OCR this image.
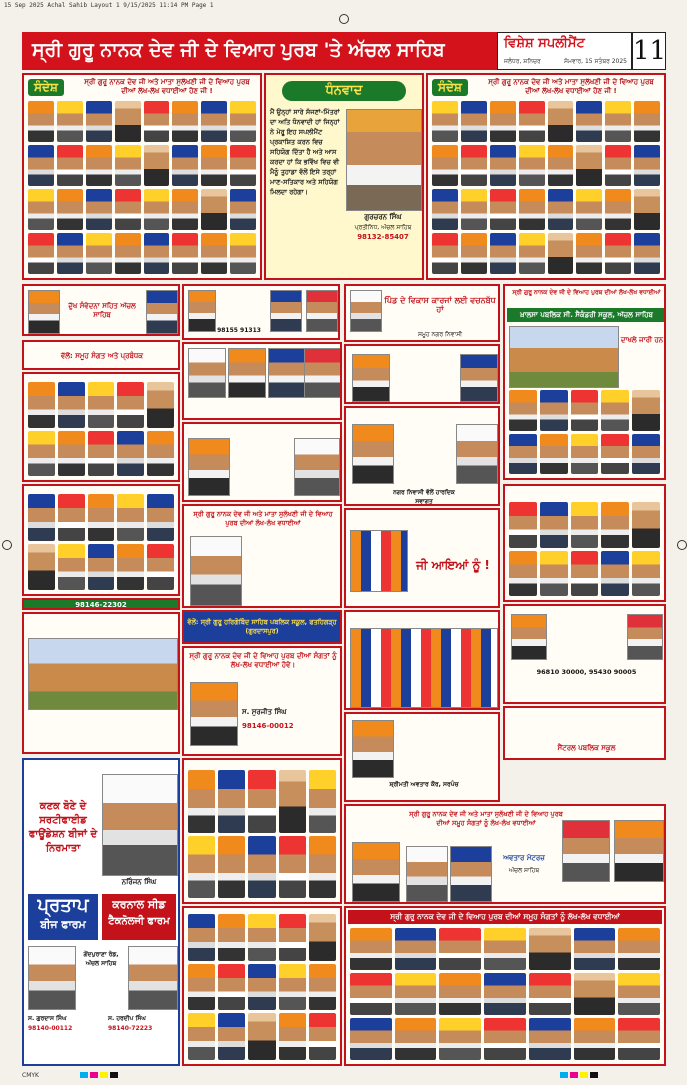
15 Sep 2025 Achal Sahib Layout 1 9/15/2025 11:14 PM Page 1
ਸ੍ਰੀ ਗੁਰੂ ਨਾਨਕ ਦੇਵ ਜੀ ਦੇ ਵਿਆਹ ਪੁਰਬ 'ਤੇ ਅੱਚਲ ਸਾਹਿਬ	ਵਿਸ਼ੇਸ਼ ਸਪਲੀਮੈਂਟ
ਜਲੰਧਰ, ਸ਼ਨਿਚਰ	ਸੋਮਵਾਰ, 15 ਸਤੰਬਰ 2025 11
ਸੰਦੇਸ਼	ਸ੍ਰੀ ਗੁਰੂ ਨਾਨਕ ਦੇਵ ਜੀ ਅਤੇ ਮਾਤਾ ਸੁਲੱਖਣੀ ਜੀ ਦੇ ਵਿਆਹ ਪੁਰਬ ਦੀਆਂ ਲੱਖ-ਲੱਖ ਵਧਾਈਆਂ ਹੋਣ ਜੀ !	ਧੰਨਵਾਦ
ਮੈਂ ਉਨ੍ਹਾਂ ਸਾਰੇ ਸੱਜਣਾਂ-ਮਿੱਤਰਾਂ ਦਾ ਅਤਿ ਧੰਨਵਾਦੀ ਹਾਂ ਜਿਨ੍ਹਾਂ ਨੇ ਮੇਰੂ ਇਹ ਸਪਲੀਮੈਂਟ ਪ੍ਰਕਾਸ਼ਿਤ ਕਰਨ ਵਿਚ ਸਹਿਯੋਗ ਦਿੱਤਾ ਹੈ ਅਤੇ ਆਸ ਕਰਦਾ ਹਾਂ ਕਿ ਭਵਿੱਖ ਵਿਚ ਵੀ ਮੈਨੂੰ ਤੁਹਾਡਾ ਵੱਲੋਂ ਇਸੇ ਤਰ੍ਹਾਂ ਮਾਣ-ਸਤਿਕਾਰ ਅਤੇ ਸਹਿਯੋਗ ਮਿਲਦਾ ਰਹੇਗਾ।
ਗੁਰਚਰਨ ਸਿੰਘ
ਪ੍ਰਤੀਨਿਧ, ਅੱਚਲ ਸਾਹਿਬ
98132-85407
ਸੰਦੇਸ਼	ਸ੍ਰੀ ਗੁਰੂ ਨਾਨਕ ਦੇਵ ਜੀ ਅਤੇ ਮਾਤਾ ਸੁਲੱਖਣੀ ਜੀ ਦੇ ਵਿਆਹ ਪੁਰਬ ਦੀਆਂ ਲੱਖ-ਲੱਖ ਵਧਾਈਆਂ ਹੋਣ ਜੀ !
ਦੁੱਖ ਸੰਵੇਦਨਾ ਸਹਿਤ ਅੱਚਲ ਸਾਹਿਬ
98155 91313
ਪਿੰਡ ਦੇ ਵਿਕਾਸ ਕਾਰਜਾਂ ਲਈ ਵਚਨਬੱਧ ਹਾਂ
ਸਮੂਹ ਨਗਰ ਨਿਵਾਸੀ
ਸ੍ਰੀ ਗੁਰੂ ਨਾਨਕ ਦੇਵ ਜੀ ਦੇ ਵਿਆਹ ਪੁਰਬ ਦੀਆਂ ਲੱਖ-ਲੱਖ ਵਧਾਈਆਂ
ਖ਼ਾਲਸਾ ਪਬਲਿਕ ਸੀ. ਸੈਕੰਡਰੀ ਸਕੂਲ, ਅੱਚਲ ਸਾਹਿਬ
ਦਾਖਲੇ ਜਾਰੀ ਹਨ
ਵੱਲੋਂ: ਸਮੂਹ ਸੰਗਤ ਅਤੇ ਪ੍ਰਬੰਧਕ
98146-22302
ਸ੍ਰੀ ਗੁਰੂ ਨਾਨਕ ਦੇਵ ਜੀ ਅਤੇ ਮਾਤਾ ਸੁਲੱਖਣੀ ਜੀ ਦੇ ਵਿਆਹ ਪੁਰਬ ਦੀਆਂ ਲੱਖ-ਲੱਖ ਵਧਾਈਆਂ
ਨਗਰ ਨਿਵਾਸੀ ਵੱਲੋਂ ਹਾਰਦਿਕ ਸਵਾਗਤ
ਜੀ ਆਇਆਂ ਨੂੰ !
96810 30000, 95430 90005
ਸੈਂਟਰਲ ਪਬਲਿਕ ਸਕੂਲ
ਵੱਲੋਂ: ਸ੍ਰੀ ਗੁਰੂ ਹਰਿਗੋਬਿੰਦ ਸਾਹਿਬ ਪਬਲਿਕ ਸਕੂਲ, ਫਤਹਿਗੜ੍ਹ (ਗੁਰਦਾਸਪੁਰ)
ਸ੍ਰੀ ਗੁਰੂ ਨਾਨਕ ਦੇਵ ਜੀ ਦੇ ਵਿਆਹ ਪੁਰਬ ਦੀਆਂ ਸੰਗਤਾਂ ਨੂੰ ਲੱਖ-ਲੱਖ ਵਧਾਈਆਂ ਹੋਵੇ।
ਸ. ਸੁਰਜੀਤ ਸਿੰਘ
98146-00012
ਸ਼੍ਰੀਮਤੀ ਅਵਤਾਰ ਕੌਰ, ਸਰਪੰਚ
ਕਣਕ ਬੋਣੇ ਦੇ ਸਰਟੀਫਾਈਡ ਫਾਊਂਡੇਸ਼ਨ ਬੀਜਾਂ ਦੇ ਨਿਰਮਾਤਾ
ਨਰਿੰਜਨ ਸਿੰਘ
ਪ੍ਰਤਾਪ
ਬੀਜ ਫਾਰਮ
ਕਰਨਾਲ ਸੀਡ
ਟੈਕਨੋਲਜੀ ਫਾਰਮ
ਗੋਂਦਪੁਰਾਣਾ ਰੋਡ, ਅੱਚਲ ਸਾਹਿਬ
ਸ. ਗੁਰਦਾਸ ਸਿੰਘ
98140-00112
ਸ. ਹਰਦੀਪ ਸਿੰਘ
98140-72223
ਸ੍ਰੀ ਗੁਰੂ ਨਾਨਕ ਦੇਵ ਜੀ ਅਤੇ ਮਾਤਾ ਸੁਲੱਖਣੀ ਜੀ ਦੇ ਵਿਆਹ ਪੁਰਬ ਦੀਆਂ ਸਮੂਹ ਸੰਗਤਾਂ ਨੂੰ ਲੱਖ-ਲੱਖ ਵਧਾਈਆਂ
ਅਵਤਾਰ ਮੋਟਰਜ਼
ਅੱਚਲ ਸਾਹਿਬ
ਸ੍ਰੀ ਗੁਰੂ ਨਾਨਕ ਦੇਵ ਜੀ ਦੇ ਵਿਆਹ ਪੁਰਬ ਦੀਆਂ ਸਮੂਹ ਸੰਗਤਾਂ ਨੂੰ ਲੱਖ-ਲੱਖ ਵਧਾਈਆਂ
CMYK
